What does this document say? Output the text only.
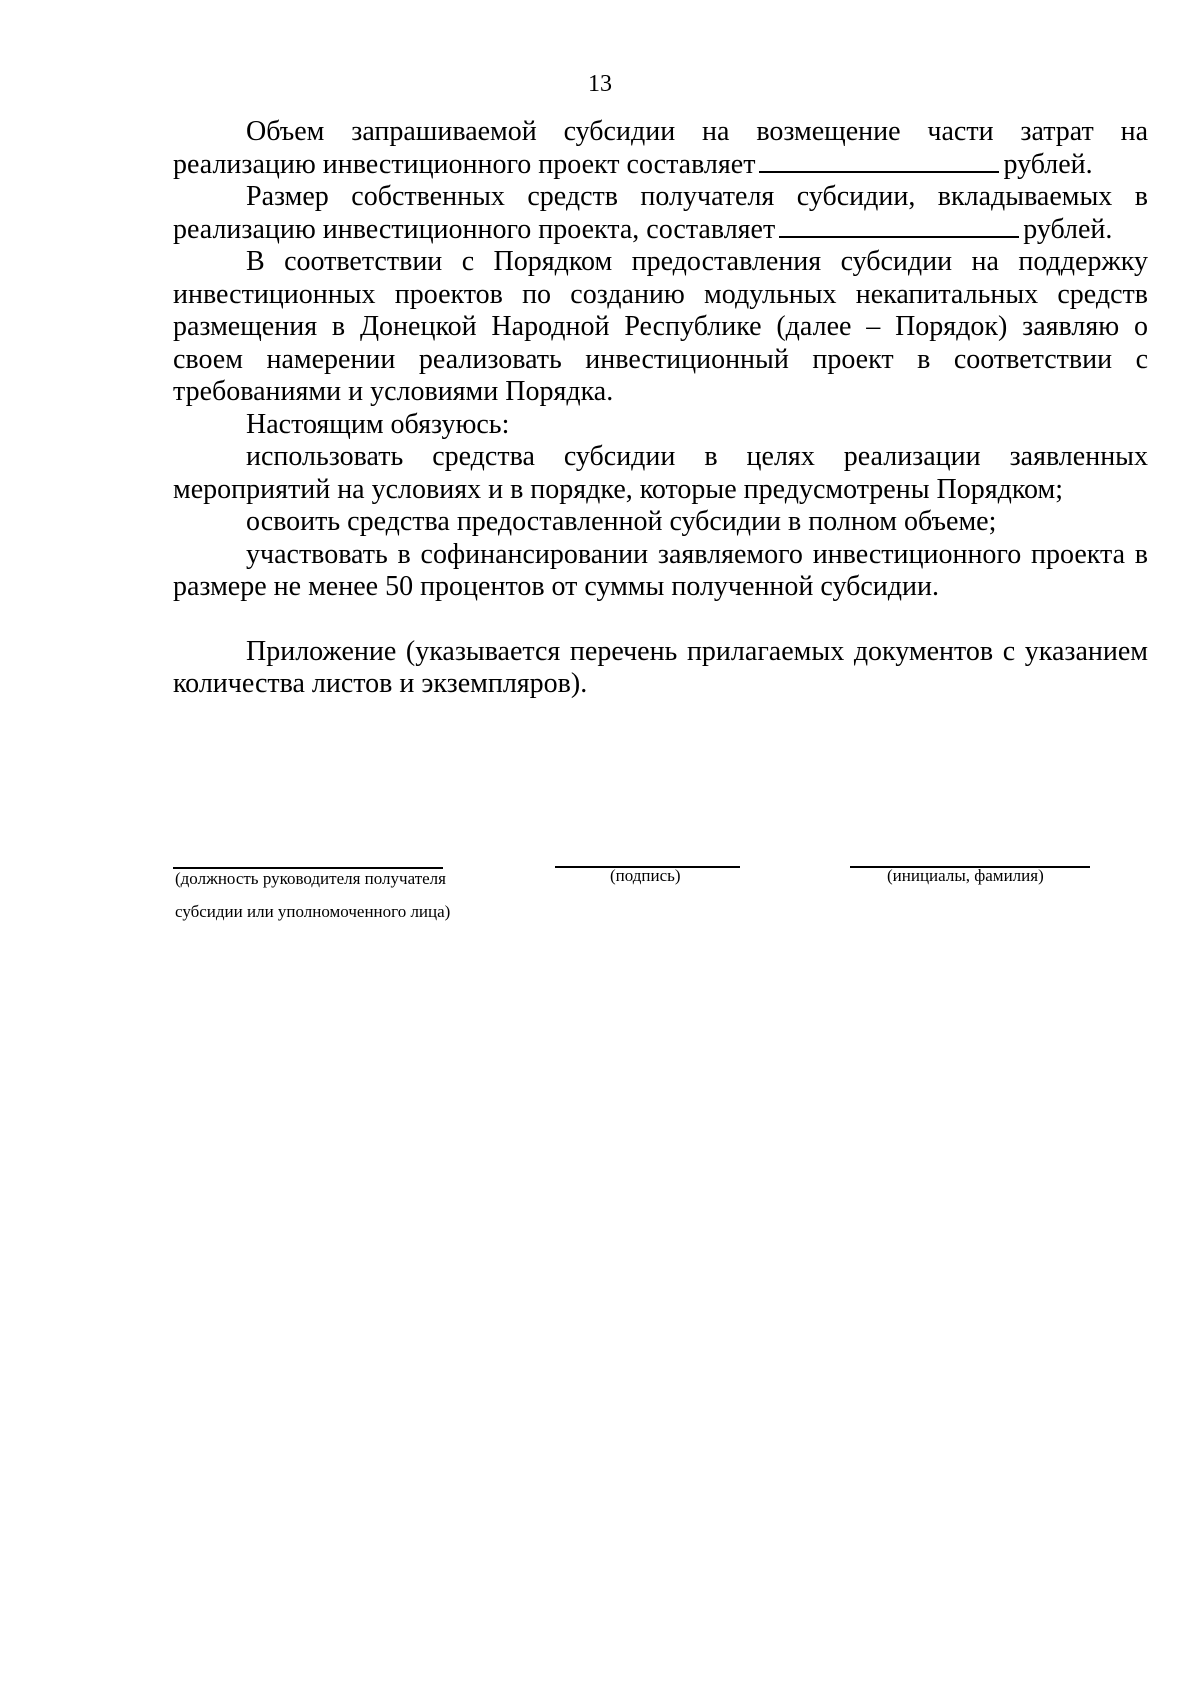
13

Объем запрашиваемой субсидии на возмещение части затрат на реализацию инвестиционного проект составляет	рублей.

Размер собственных средств получателя субсидии, вкладываемых в реализацию инвестиционного проекта, составляет	рублей.

В соответствии с Порядком предоставления субсидии на поддержку инвестиционных проектов по созданию модульных некапитальных средств размещения в Донецкой Народной Республике (далее – Порядок) заявляю о своем намерении реализовать инвестиционный проект в соответствии с требованиями и условиями Порядка.

Настоящим обязуюсь:

использовать средства субсидии в целях реализации заявленных мероприятий на условиях и в порядке, которые предусмотрены Порядком;

освоить средства предоставленной субсидии в полном объеме;

участвовать в софинансировании заявляемого инвестиционного проекта в размере не менее 50 процентов от суммы полученной субсидии.

Приложение (указывается перечень прилагаемых документов с указанием количества листов и экземпляров).

(должность руководителя получателя
субсидии или уполномоченного лица)
(подпись)	(инициалы, фамилия)
